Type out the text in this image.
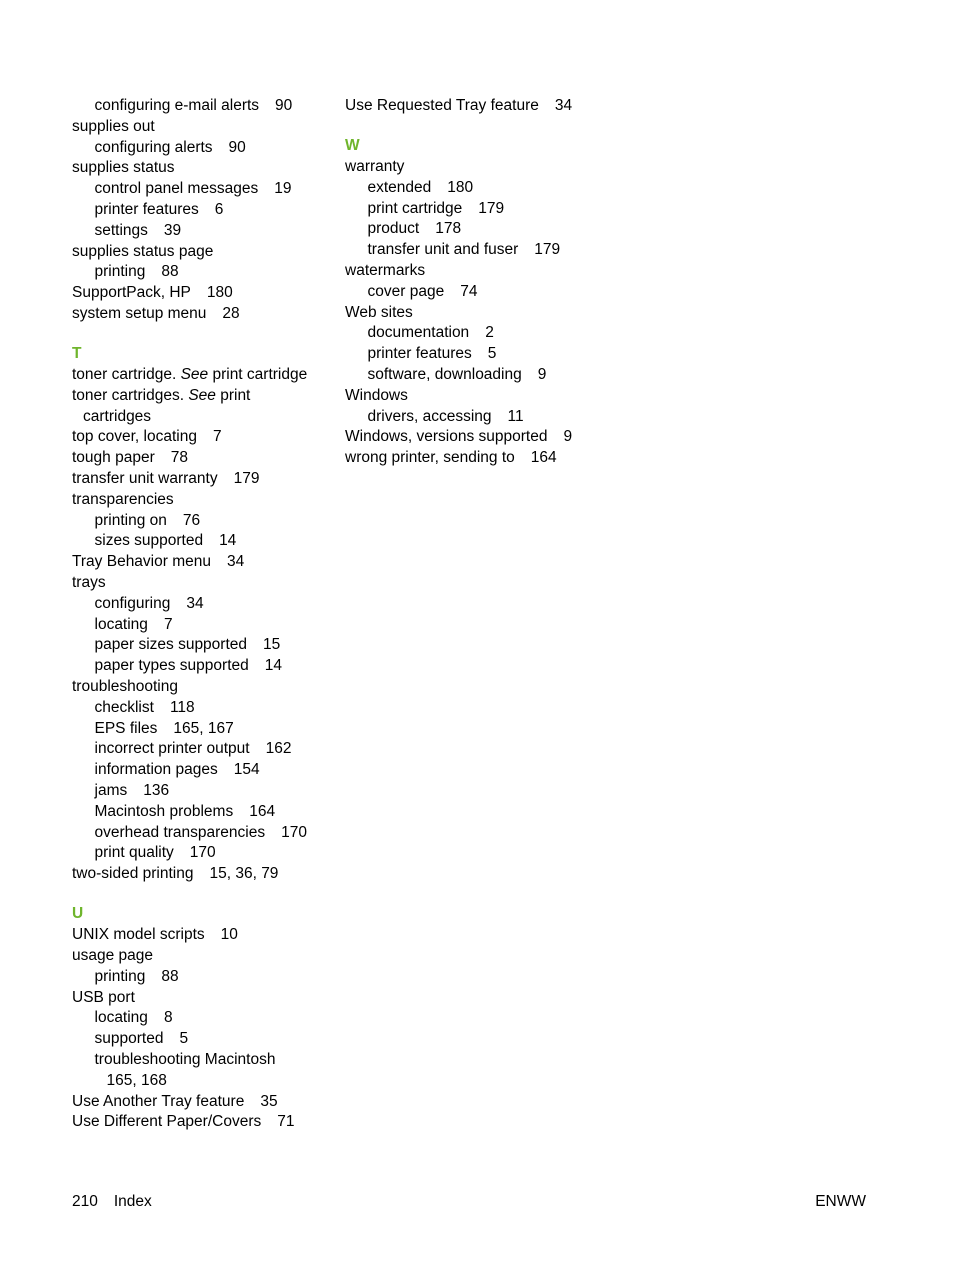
configuring e-mail alerts 90
supplies out
configuring alerts 90
supplies status
control panel messages 19
printer features 6
settings 39
supplies status page
printing 88
SupportPack, HP 180
system setup menu 28
T
toner cartridge. See print cartridge
toner cartridges. See print
cartridges
top cover, locating 7
tough paper 78
transfer unit warranty 179
transparencies
printing on 76
sizes supported 14
Tray Behavior menu 34
trays
configuring 34
locating 7
paper sizes supported 15
paper types supported 14
troubleshooting
checklist 118
EPS files 165, 167
incorrect printer output 162
information pages 154
jams 136
Macintosh problems 164
overhead transparencies 170
print quality 170
two-sided printing 15, 36, 79
U
UNIX model scripts 10
usage page
printing 88
USB port
locating 8
supported 5
troubleshooting Macintosh
165, 168
Use Another Tray feature 35
Use Different Paper/Covers 71
Use Requested Tray feature 34
W
warranty
extended 180
print cartridge 179
product 178
transfer unit and fuser 179
watermarks
cover page 74
Web sites
documentation 2
printer features 5
software, downloading 9
Windows
drivers, accessing 11
Windows, versions supported 9
wrong printer, sending to 164
210 Index	ENWW
